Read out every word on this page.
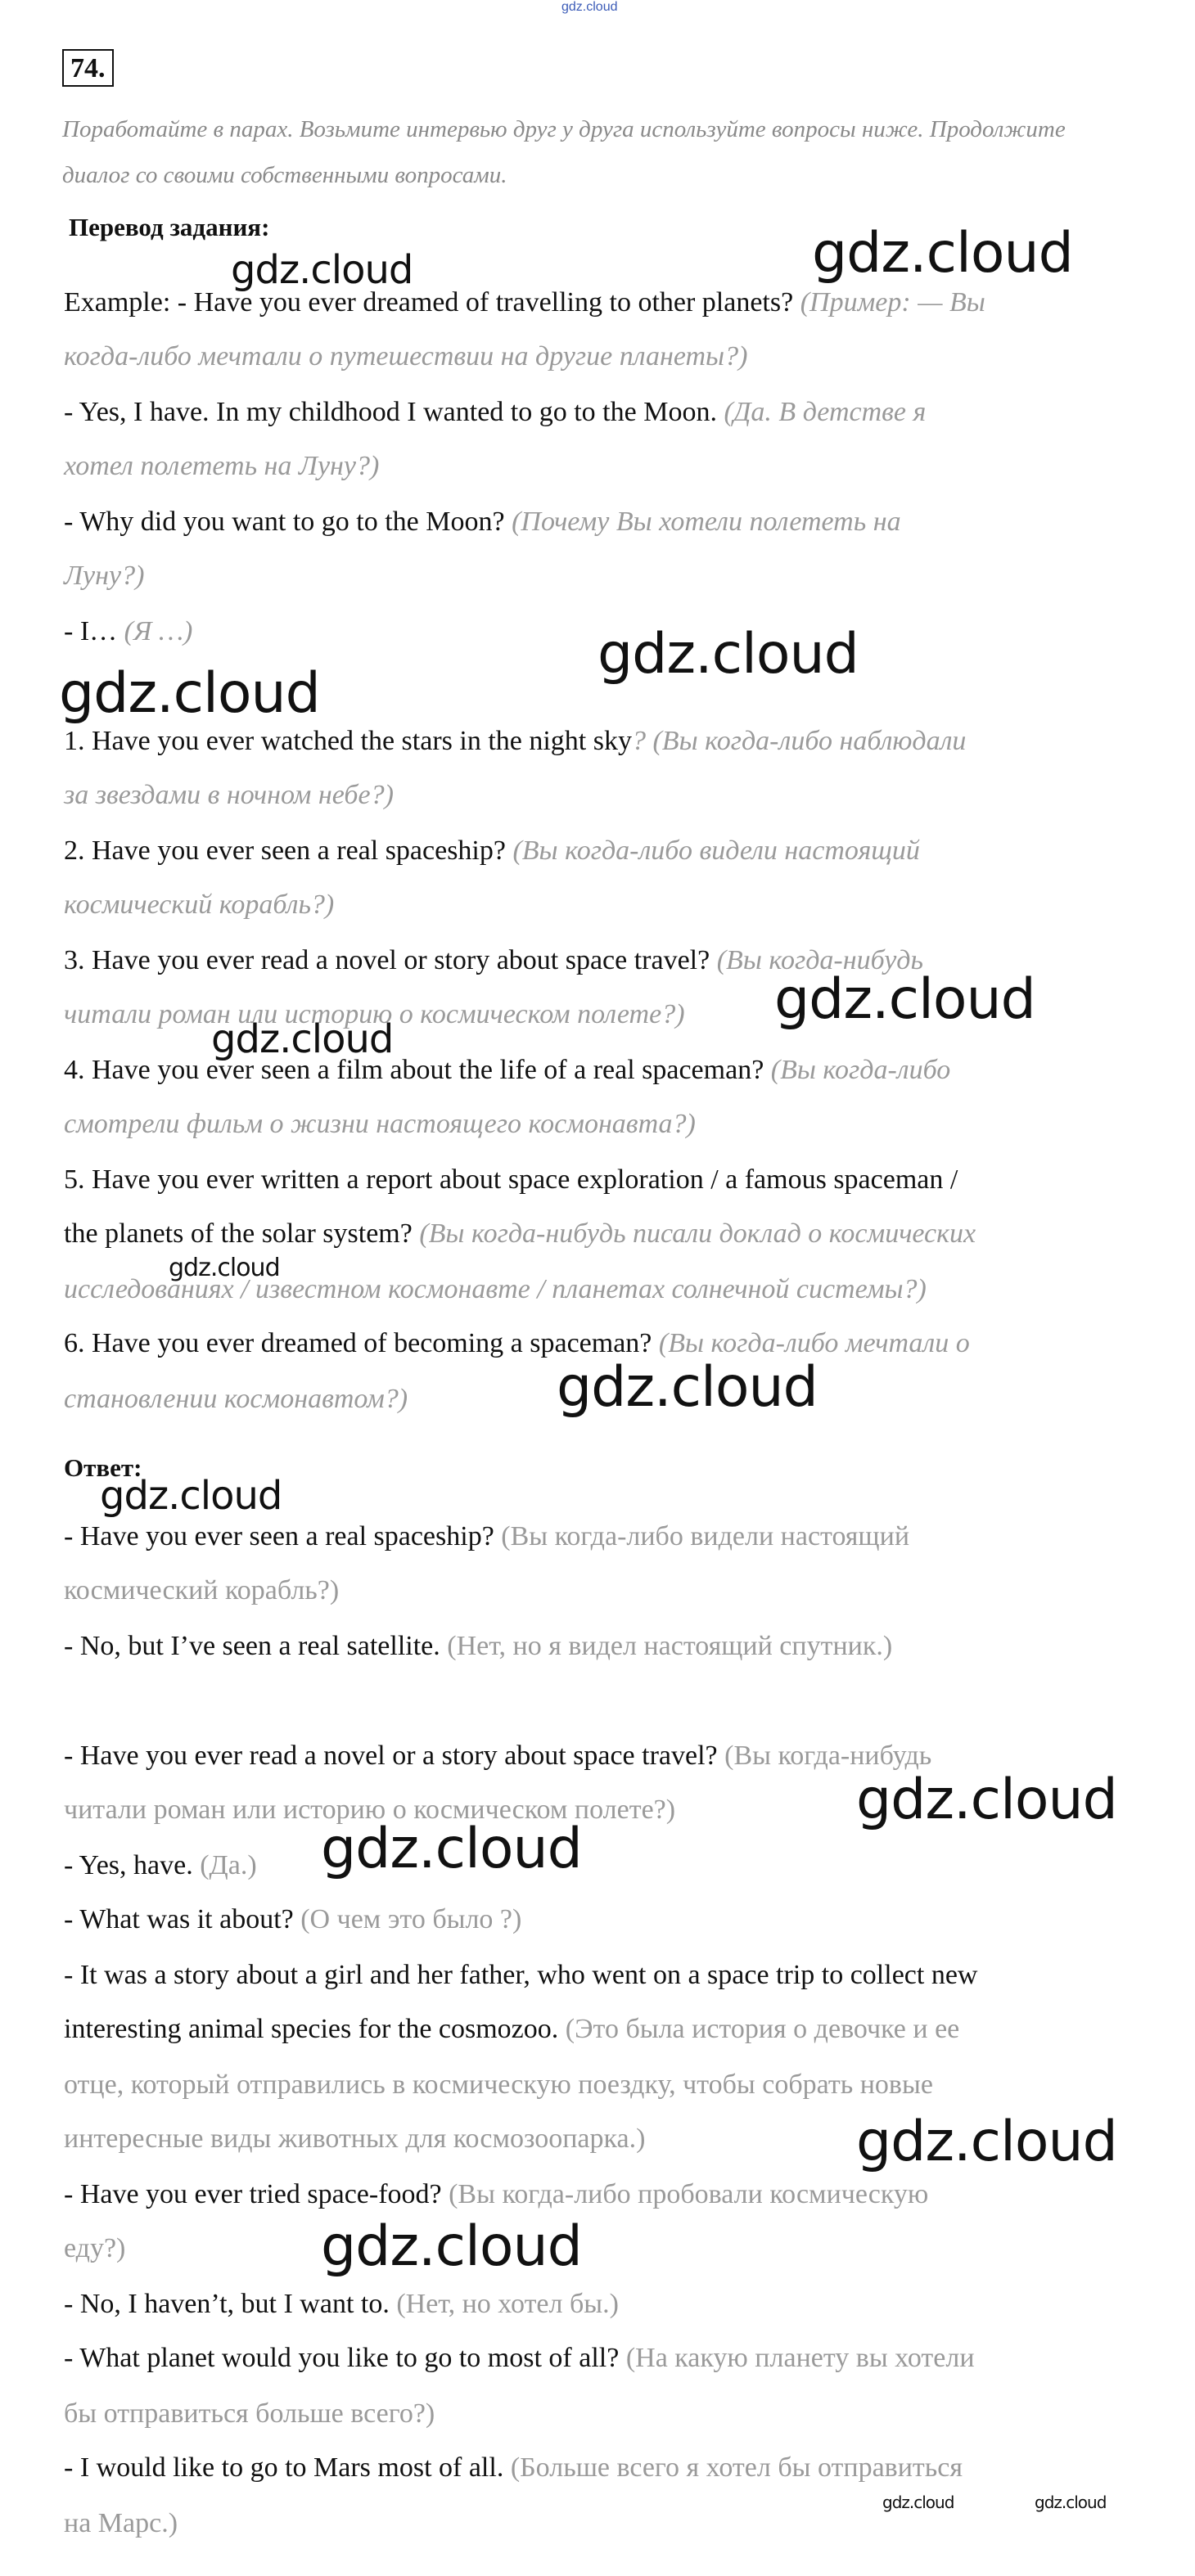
gdz.cloud
74.
Поработайте в парах. Возьмите интервью друг у друга используйте вопросы ниже. Продолжите диалог со своими собственными вопросами.
Перевод задания:
Example: - Have you ever dreamed of travelling to other planets? (Пример: — Вы
когда-либо мечтали о путешествии на другие планеты?)
- Yes, I have. In my childhood I wanted to go to the Moon. (Да. В детстве я
хотел полететь на Луну?)
- Why did you want to go to the Moon? (Почему Вы хотели полететь на
Луну?)
- I… (Я …)
1. Have you ever watched the stars in the night sky? (Вы когда-либо наблюдали
за звездами в ночном небе?)
2. Have you ever seen a real spaceship? (Вы когда-либо видели настоящий
космический корабль?)
3. Have you ever read a novel or story about space travel? (Вы когда-нибудь
читали роман или историю о космическом полете?)
4. Have you ever seen a film about the life of a real spaceman? (Вы когда-либо
смотрели фильм о жизни настоящего космонавта?)
5. Have you ever written a report about space exploration / a famous spaceman /
the planets of the solar system? (Вы когда-нибудь писали доклад о космических
исследованиях / известном космонавте / планетах солнечной системы?)
6. Have you ever dreamed of becoming a spaceman? (Вы когда-либо мечтали о
становлении космонавтом?)
Ответ:
- Have you ever seen a real spaceship? (Вы когда-либо видели настоящий
космический корабль?)
- No, but I’ve seen a real satellite. (Нет, но я видел настоящий спутник.)
- Have you ever read a novel or a story about space travel? (Вы когда-нибудь
читали роман или историю о космическом полете?)
- Yes, have. (Да.)
- What was it about? (О чем это было ?)
- It was a story about a girl and her father, who went on a space trip to collect new
interesting animal species for the cosmozoo. (Это была история о девочке и ее
отце, который отправились в космическую поездку, чтобы собрать новые
интересные виды животных для космозоопарка.)
- Have you ever tried space-food? (Вы когда-либо пробовали космическую
еду?)
- No, I haven’t, but I want to. (Нет, но хотел бы.)
- What planet would you like to go to most of all? (На какую планету вы хотели
бы отправиться больше всего?)
- I would like to go to Mars most of all. (Больше всего я хотел бы отправиться
на Марс.)
gdz.cloud	gdz.cloud
gdz.cloud
gdz.cloud
gdz.cloud
gdz.cloud
gdz.cloud
gdz.cloud
gdz.cloud
gdz.cloud
gdz.cloud
gdz.cloud
gdz.cloud
gdz.cloud	gdz.cloud
